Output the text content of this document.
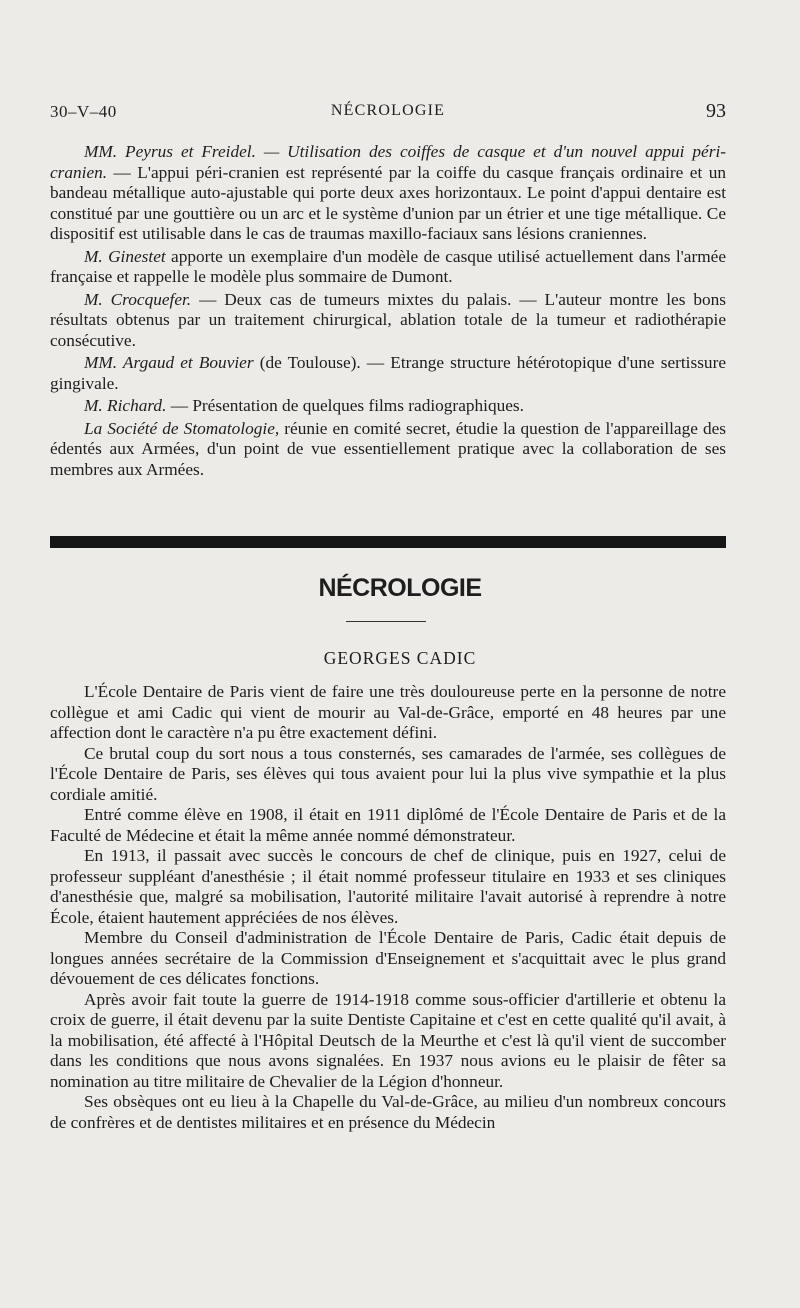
30–V–40	NÉCROLOGIE	93

MM. Peyrus et Freidel. — Utilisation des coiffes de casque et d'un nouvel appui péri-cranien. — L'appui péri-cranien est représenté par la coiffe du casque français ordinaire et un bandeau métallique auto-ajustable qui porte deux axes horizontaux. Le point d'appui dentaire est constitué par une gouttière ou un arc et le système d'union par un étrier et une tige métallique. Ce dispositif est utilisable dans le cas de traumas maxillo-faciaux sans lésions craniennes.

M. Ginestet apporte un exemplaire d'un modèle de casque utilisé actuellement dans l'armée française et rappelle le modèle plus sommaire de Dumont.

M. Crocquefer. — Deux cas de tumeurs mixtes du palais. — L'auteur montre les bons résultats obtenus par un traitement chirurgical, ablation totale de la tumeur et radiothérapie consécutive.

MM. Argaud et Bouvier (de Toulouse). — Etrange structure hétérotopique d'une sertissure gingivale.

M. Richard. — Présentation de quelques films radiographiques.

La Société de Stomatologie, réunie en comité secret, étudie la question de l'appareillage des édentés aux Armées, d'un point de vue essentiellement pratique avec la collaboration de ses membres aux Armées.

NÉCROLOGIE
GEORGES CADIC

L'École Dentaire de Paris vient de faire une très douloureuse perte en la personne de notre collègue et ami Cadic qui vient de mourir au Val-de-Grâce, emporté en 48 heures par une affection dont le caractère n'a pu être exactement défini.

Ce brutal coup du sort nous a tous consternés, ses camarades de l'armée, ses collègues de l'École Dentaire de Paris, ses élèves qui tous avaient pour lui la plus vive sympathie et la plus cordiale amitié.

Entré comme élève en 1908, il était en 1911 diplômé de l'École Dentaire de Paris et de la Faculté de Médecine et était la même année nommé démonstrateur.

En 1913, il passait avec succès le concours de chef de clinique, puis en 1927, celui de professeur suppléant d'anesthésie ; il était nommé professeur titulaire en 1933 et ses cliniques d'anesthésie que, malgré sa mobilisation, l'autorité militaire l'avait autorisé à reprendre à notre École, étaient hautement appréciées de nos élèves.

Membre du Conseil d'administration de l'École Dentaire de Paris, Cadic était depuis de longues années secrétaire de la Commission d'Enseignement et s'acquittait avec le plus grand dévouement de ces délicates fonctions.

Après avoir fait toute la guerre de 1914-1918 comme sous-officier d'artillerie et obtenu la croix de guerre, il était devenu par la suite Dentiste Capitaine et c'est en cette qualité qu'il avait, à la mobilisation, été affecté à l'Hôpital Deutsch de la Meurthe et c'est là qu'il vient de succomber dans les conditions que nous avons signalées. En 1937 nous avions eu le plaisir de fêter sa nomination au titre militaire de Chevalier de la Légion d'honneur.

Ses obsèques ont eu lieu à la Chapelle du Val-de-Grâce, au milieu d'un nombreux concours de confrères et de dentistes militaires et en présence du Médecin
